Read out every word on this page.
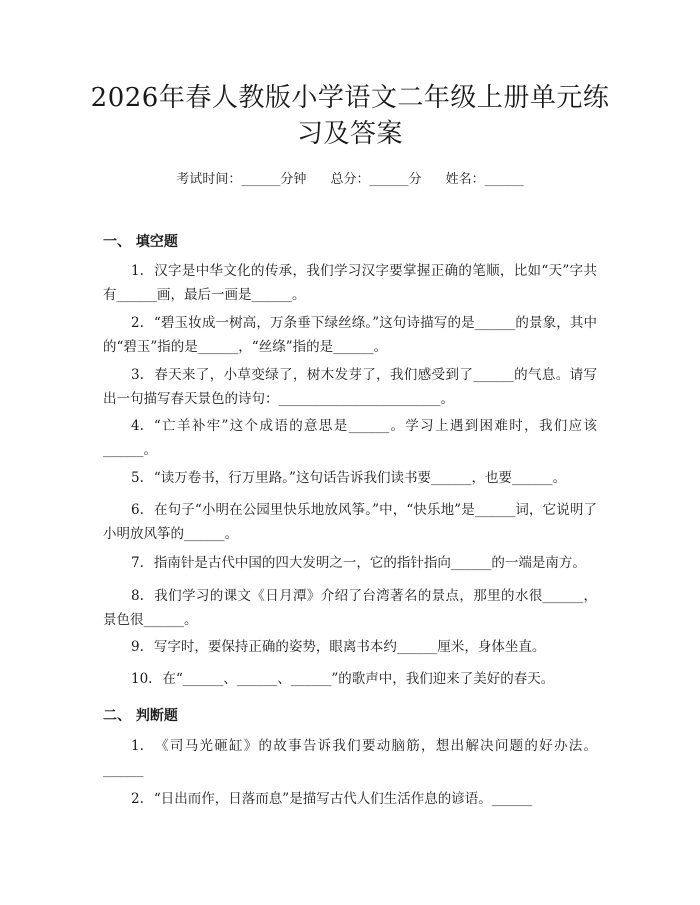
2026年春人教版小学语文二年级上册单元练习及答案
考试时间：______分钟 总分：______分 姓名：______
一、 填空题
1. 汉字是中华文化的传承，我们学习汉字要掌握正确的笔顺，比如“天”字共有______画，最后一画是______。
2. “碧玉妆成一树高，万条垂下绿丝绦。”这句诗描写的是______的景象，其中的“碧玉”指的是______，“丝绦”指的是______。
3. 春天来了，小草变绿了，树木发芽了，我们感受到了______的气息。请写出一句描写春天景色的诗句：________________________。
4. “亡羊补牢”这个成语的意思是______。学习上遇到困难时，我们应该______。
5. “读万卷书，行万里路。”这句话告诉我们读书要______，也要______。
6. 在句子“小明在公园里快乐地放风筝。”中，“快乐地”是______词，它说明了小明放风筝的______。
7. 指南针是古代中国的四大发明之一，它的指针指向______的一端是南方。
8. 我们学习的课文《日月潭》介绍了台湾著名的景点，那里的水很______，景色很______。
9. 写字时，要保持正确的姿势，眼离书本约______厘米，身体坐直。
10. 在“______、______、______”的歌声中，我们迎来了美好的春天。
二、 判断题
1. 《司马光砸缸》的故事告诉我们要动脑筋，想出解决问题的好办法。______
2. “日出而作，日落而息”是描写古代人们生活作息的谚语。______
